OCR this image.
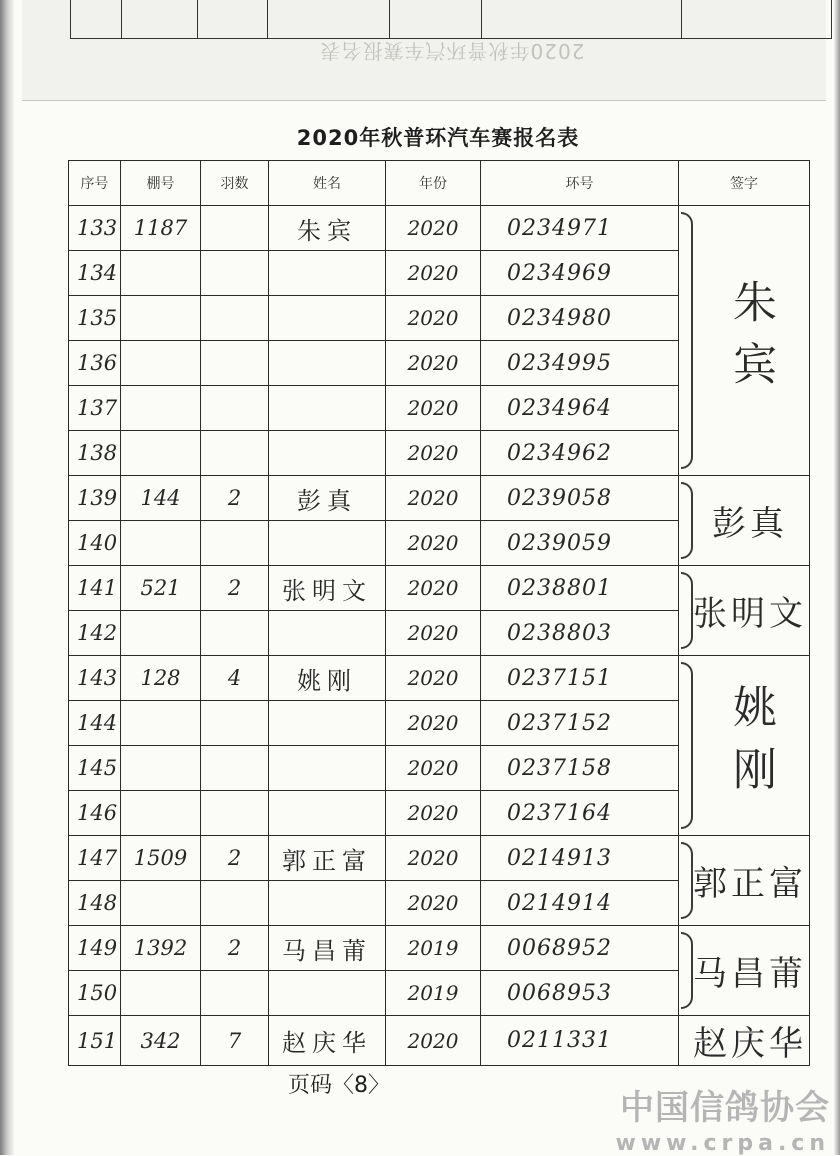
2020年秋普环汽车赛报名表
2020年秋普环汽车赛报名表
序号	棚号	羽数	姓名	年份	环号	签字
133	1187		朱宾	2020	0234971	朱宾

134				2020	0234969	
135				2020	0234980	
136				2020	0234995	
137				2020	0234964	
138				2020	0234962	
139	144	2	彭真	2020	0239058	彭真

140				2020	0239059	
141	521	2	张明文	2020	0238801	张明文

142				2020	0238803	
143	128	4	姚刚	2020	0237151	姚刚

144				2020	0237152	
145				2020	0237158	
146				2020	0237164	
147	1509	2	郭正富	2020	0214913	郭正富

148				2020	0214914	
149	1392	2	马昌莆	2019	0068952	马昌莆

150				2019	0068953	
151	342	7	赵庆华	2020	0211331	赵庆华
页码〈8〉
中国信鸽协会
www.crpa.cn
